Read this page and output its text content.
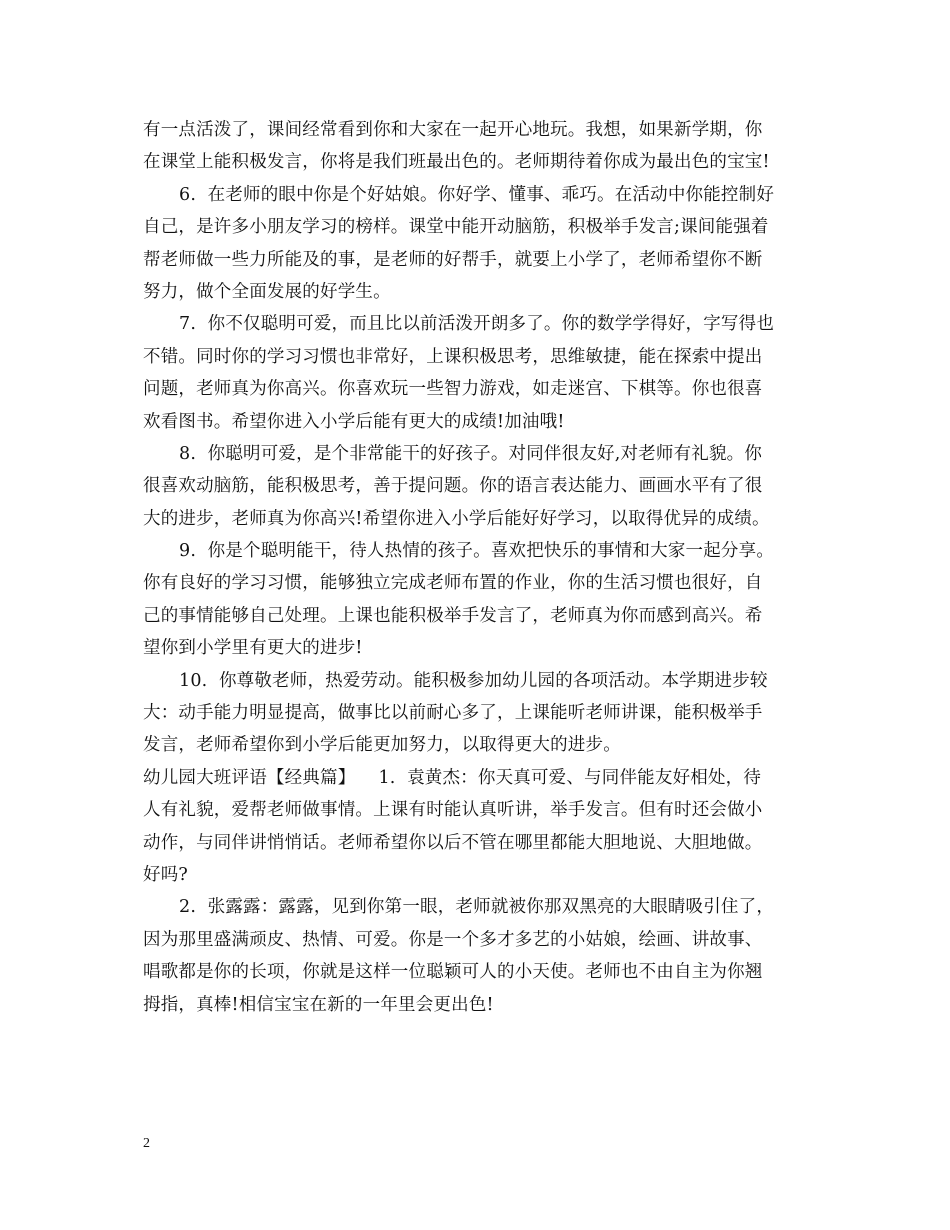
有一点活泼了，课间经常看到你和大家在一起开心地玩。我想，如果新学期，你
在课堂上能积极发言，你将是我们班最出色的。老师期待着你成为最出色的宝宝!
6.  在老师的眼中你是个好姑娘。你好学、懂事、乖巧。在活动中你能控制好
自己，是许多小朋友学习的榜样。课堂中能开动脑筋，积极举手发言;课间能强着
帮老师做一些力所能及的事，是老师的好帮手，就要上小学了，老师希望你不断
努力，做个全面发展的好学生。
7.  你不仅聪明可爱，而且比以前活泼开朗多了。你的数学学得好，字写得也
不错。同时你的学习习惯也非常好，上课积极思考，思维敏捷，能在探索中提出
问题，老师真为你高兴。你喜欢玩一些智力游戏，如走迷宫、下棋等。你也很喜
欢看图书。希望你进入小学后能有更大的成绩!加油哦!
8.  你聪明可爱，是个非常能干的好孩子。对同伴很友好,对老师有礼貌。你
很喜欢动脑筋，能积极思考，善于提问题。你的语言表达能力、画画水平有了很
大的进步，老师真为你高兴!希望你进入小学后能好好学习，以取得优异的成绩。
9.  你是个聪明能干，待人热情的孩子。喜欢把快乐的事情和大家一起分享。
你有良好的学习习惯，能够独立完成老师布置的作业，你的生活习惯也很好，自
己的事情能够自己处理。上课也能积极举手发言了，老师真为你而感到高兴。希
望你到小学里有更大的进步!
10.  你尊敬老师，热爱劳动。能积极参加幼儿园的各项活动。本学期进步较
大：动手能力明显提高，做事比以前耐心多了，上课能听老师讲课，能积极举手
发言，老师希望你到小学后能更加努力，以取得更大的进步。
幼儿园大班评语【经典篇】    1.  袁黄杰：你天真可爱、与同伴能友好相处，待
人有礼貌，爱帮老师做事情。上课有时能认真听讲，举手发言。但有时还会做小
动作，与同伴讲悄悄话。老师希望你以后不管在哪里都能大胆地说、大胆地做。
好吗?
2.  张露露：露露，见到你第一眼，老师就被你那双黑亮的大眼睛吸引住了，
因为那里盛满顽皮、热情、可爱。你是一个多才多艺的小姑娘，绘画、讲故事、
唱歌都是你的长项，你就是这样一位聪颖可人的小天使。老师也不由自主为你翘
拇指，真棒!相信宝宝在新的一年里会更出色!
2
